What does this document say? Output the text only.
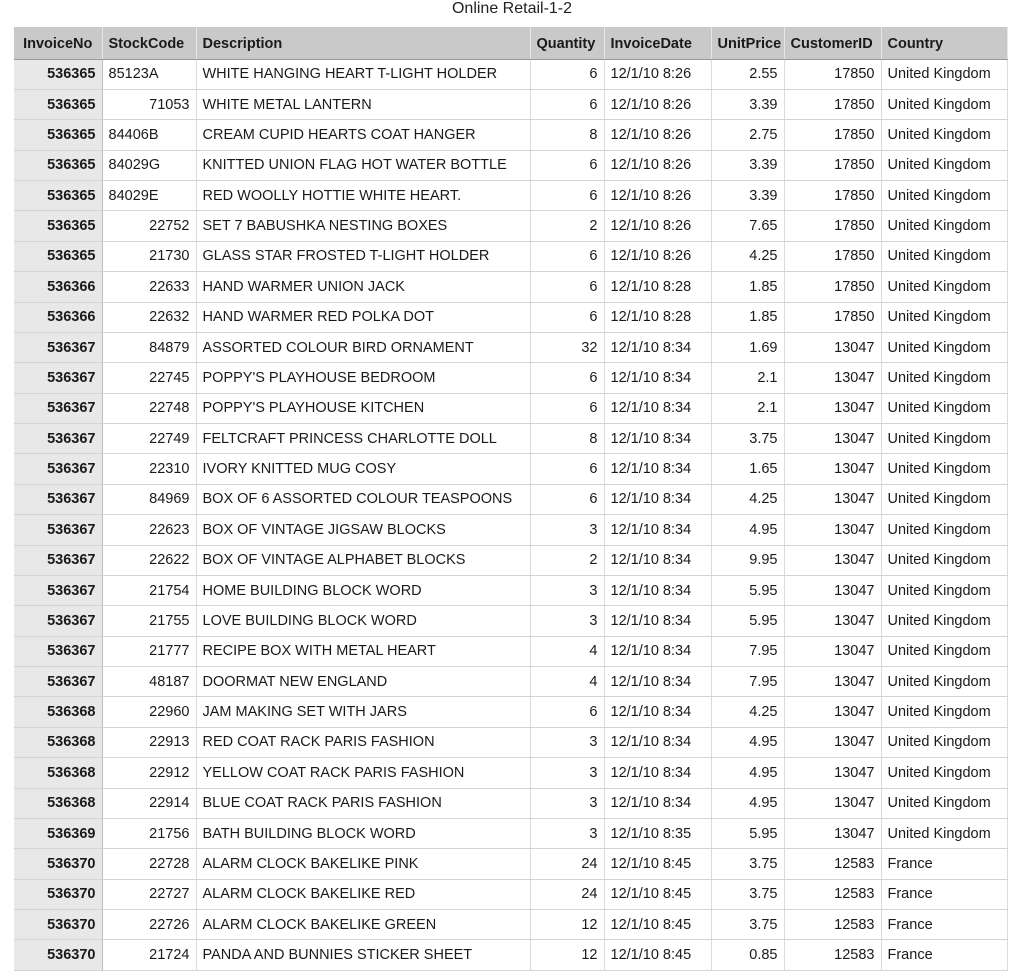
Online Retail-1-2
InvoiceNo	StockCode	Description	Quantity	InvoiceDate	UnitPrice	CustomerID	Country
536365	85123A	WHITE HANGING HEART T-LIGHT HOLDER	6	12/1/10 8:26	2.55	17850	United Kingdom
536365	71053	WHITE METAL LANTERN	6	12/1/10 8:26	3.39	17850	United Kingdom
536365	84406B	CREAM CUPID HEARTS COAT HANGER	8	12/1/10 8:26	2.75	17850	United Kingdom
536365	84029G	KNITTED UNION FLAG HOT WATER BOTTLE	6	12/1/10 8:26	3.39	17850	United Kingdom
536365	84029E	RED WOOLLY HOTTIE WHITE HEART.	6	12/1/10 8:26	3.39	17850	United Kingdom
536365	22752	SET 7 BABUSHKA NESTING BOXES	2	12/1/10 8:26	7.65	17850	United Kingdom
536365	21730	GLASS STAR FROSTED T-LIGHT HOLDER	6	12/1/10 8:26	4.25	17850	United Kingdom
536366	22633	HAND WARMER UNION JACK	6	12/1/10 8:28	1.85	17850	United Kingdom
536366	22632	HAND WARMER RED POLKA DOT	6	12/1/10 8:28	1.85	17850	United Kingdom
536367	84879	ASSORTED COLOUR BIRD ORNAMENT	32	12/1/10 8:34	1.69	13047	United Kingdom
536367	22745	POPPY'S PLAYHOUSE BEDROOM	6	12/1/10 8:34	2.1	13047	United Kingdom
536367	22748	POPPY'S PLAYHOUSE KITCHEN	6	12/1/10 8:34	2.1	13047	United Kingdom
536367	22749	FELTCRAFT PRINCESS CHARLOTTE DOLL	8	12/1/10 8:34	3.75	13047	United Kingdom
536367	22310	IVORY KNITTED MUG COSY	6	12/1/10 8:34	1.65	13047	United Kingdom
536367	84969	BOX OF 6 ASSORTED COLOUR TEASPOONS	6	12/1/10 8:34	4.25	13047	United Kingdom
536367	22623	BOX OF VINTAGE JIGSAW BLOCKS	3	12/1/10 8:34	4.95	13047	United Kingdom
536367	22622	BOX OF VINTAGE ALPHABET BLOCKS	2	12/1/10 8:34	9.95	13047	United Kingdom
536367	21754	HOME BUILDING BLOCK WORD	3	12/1/10 8:34	5.95	13047	United Kingdom
536367	21755	LOVE BUILDING BLOCK WORD	3	12/1/10 8:34	5.95	13047	United Kingdom
536367	21777	RECIPE BOX WITH METAL HEART	4	12/1/10 8:34	7.95	13047	United Kingdom
536367	48187	DOORMAT NEW ENGLAND	4	12/1/10 8:34	7.95	13047	United Kingdom
536368	22960	JAM MAKING SET WITH JARS	6	12/1/10 8:34	4.25	13047	United Kingdom
536368	22913	RED COAT RACK PARIS FASHION	3	12/1/10 8:34	4.95	13047	United Kingdom
536368	22912	YELLOW COAT RACK PARIS FASHION	3	12/1/10 8:34	4.95	13047	United Kingdom
536368	22914	BLUE COAT RACK PARIS FASHION	3	12/1/10 8:34	4.95	13047	United Kingdom
536369	21756	BATH BUILDING BLOCK WORD	3	12/1/10 8:35	5.95	13047	United Kingdom
536370	22728	ALARM CLOCK BAKELIKE PINK	24	12/1/10 8:45	3.75	12583	France
536370	22727	ALARM CLOCK BAKELIKE RED	24	12/1/10 8:45	3.75	12583	France
536370	22726	ALARM CLOCK BAKELIKE GREEN	12	12/1/10 8:45	3.75	12583	France
536370	21724	PANDA AND BUNNIES STICKER SHEET	12	12/1/10 8:45	0.85	12583	France
